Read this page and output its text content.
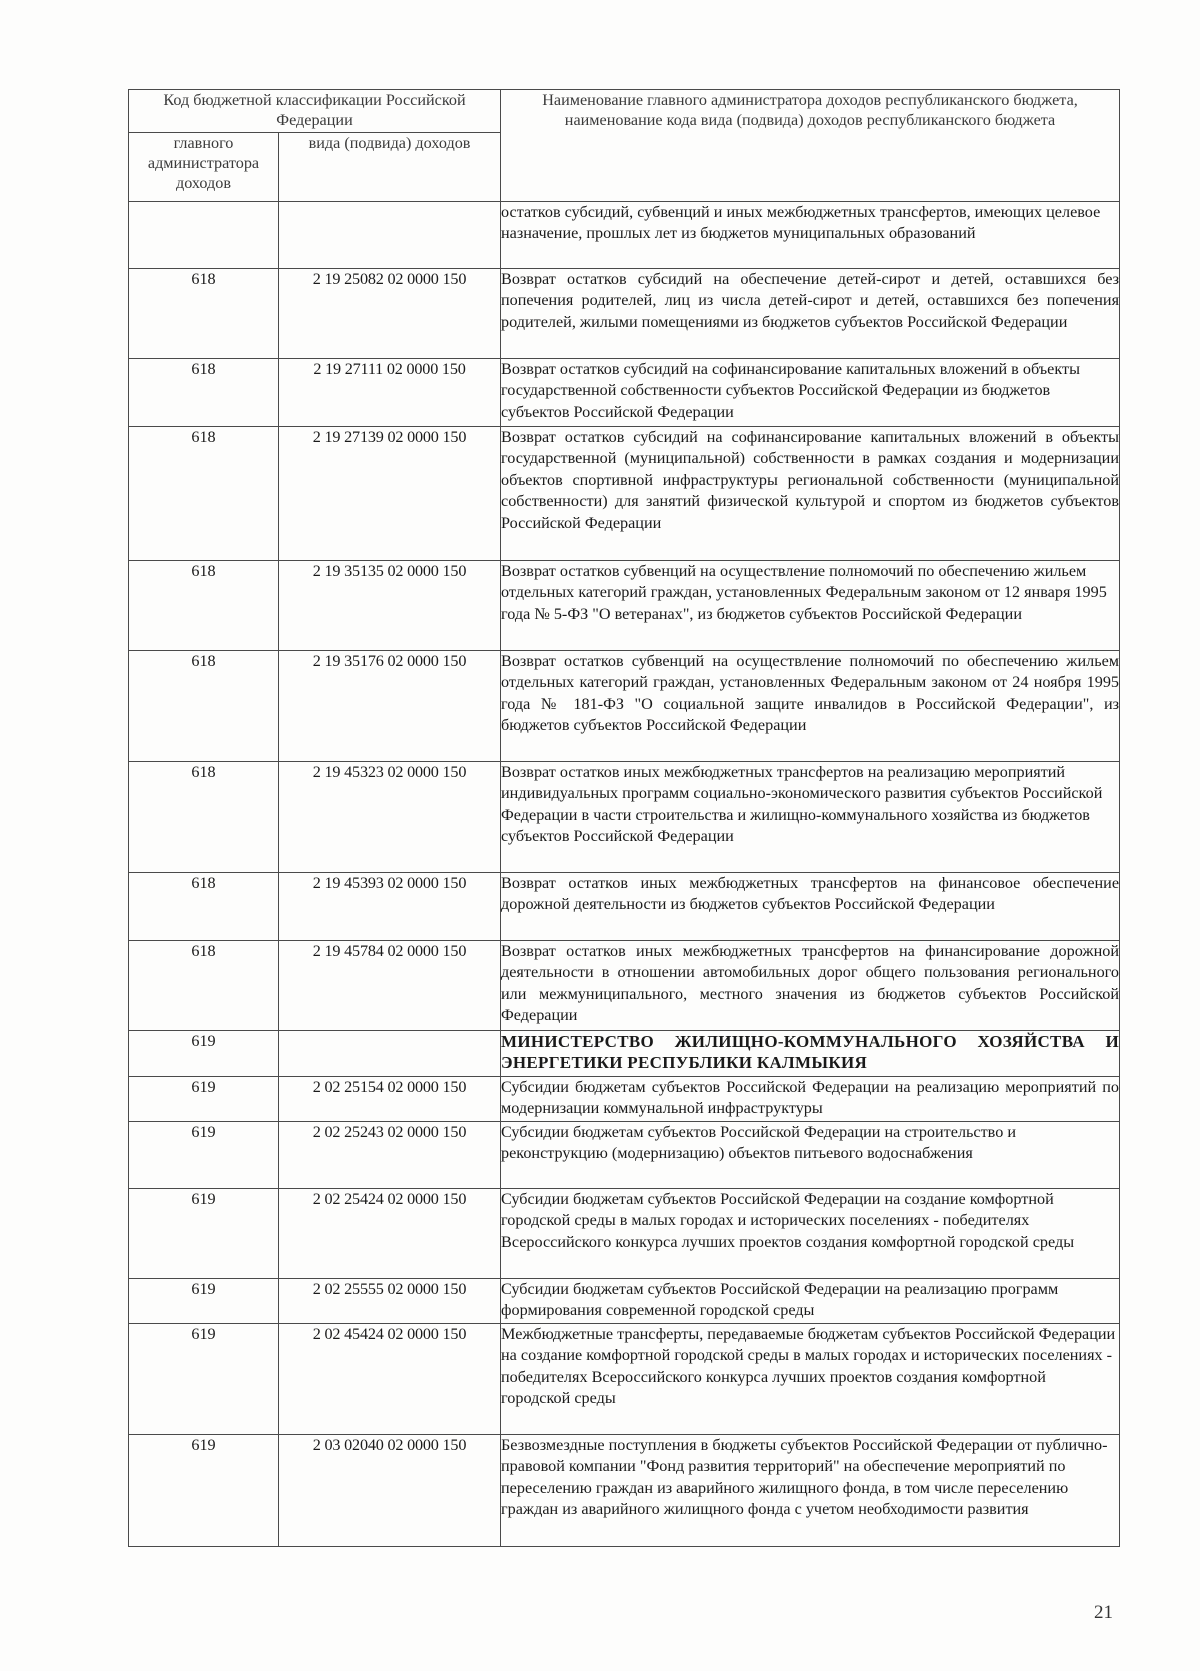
Код бюджетной классификации Российской Федерации		Наименование главного администратора доходов республиканского бюджета, наименование кода вида (подвида) доходов республиканского бюджета
главного администратора доходов	вида (подвида) доходов	
		остатков субсидий, субвенций и иных межбюджетных трансфертов, имеющих целевое назначение, прошлых лет из бюджетов муниципальных образований
618	2 19 25082 02 0000 150	Возврат остатков субсидий на обеспечение детей-сирот и детей, оставшихся без попечения родителей, лиц из числа детей-сирот и детей, оставшихся без попечения родителей, жилыми помещениями из бюджетов субъектов Российской Федерации
618	2 19 27111 02 0000 150	Возврат остатков субсидий на софинансирование капитальных вложений в объекты государственной собственности субъектов Российской Федерации из бюджетов субъектов Российской Федерации
618	2 19 27139 02 0000 150	Возврат остатков субсидий на софинансирование капитальных вложений в объекты государственной (муниципальной) собственности в рамках создания и модернизации объектов спортивной инфраструктуры региональной собственности (муниципальной собственности) для занятий физической культурой и спортом из бюджетов субъектов Российской Федерации
618	2 19 35135 02 0000 150	Возврат остатков субвенций на осуществление полномочий по обеспечению жильем отдельных категорий граждан, установленных Федеральным законом от 12 января 1995 года № 5-ФЗ "О ветеранах", из бюджетов субъектов Российской Федерации
618	2 19 35176 02 0000 150	Возврат остатков субвенций на осуществление полномочий по обеспечению жильем отдельных категорий граждан, установленных Федеральным законом от 24 ноября 1995 года № 181-ФЗ "О социальной защите инвалидов в Российской Федерации", из бюджетов субъектов Российской Федерации
618	2 19 45323 02 0000 150	Возврат остатков иных межбюджетных трансфертов на реализацию мероприятий индивидуальных программ социально-экономического развития субъектов Российской Федерации в части строительства и жилищно-коммунального хозяйства из бюджетов субъектов Российской Федерации
618	2 19 45393 02 0000 150	Возврат остатков иных межбюджетных трансфертов на финансовое обеспечение дорожной деятельности из бюджетов субъектов Российской Федерации
618	2 19 45784 02 0000 150	Возврат остатков иных межбюджетных трансфертов на финансирование дорожной деятельности в отношении автомобильных дорог общего пользования регионального или межмуниципального, местного значения из бюджетов субъектов Российской Федерации
619		МИНИСТЕРСТВО ЖИЛИЩНО-КОММУНАЛЬНОГО ХОЗЯЙСТВА И ЭНЕРГЕТИКИ РЕСПУБЛИКИ КАЛМЫКИЯ
619	2 02 25154 02 0000 150	Субсидии бюджетам субъектов Российской Федерации на реализацию мероприятий по модернизации коммунальной инфраструктуры
619	2 02 25243 02 0000 150	Субсидии бюджетам субъектов Российской Федерации на строительство и реконструкцию (модернизацию) объектов питьевого водоснабжения
619	2 02 25424 02 0000 150	Субсидии бюджетам субъектов Российской Федерации на создание комфортной городской среды в малых городах и исторических поселениях - победителях Всероссийского конкурса лучших проектов создания комфортной городской среды
619	2 02 25555 02 0000 150	Субсидии бюджетам субъектов Российской Федерации на реализацию программ формирования современной городской среды
619	2 02 45424 02 0000 150	Межбюджетные трансферты, передаваемые бюджетам субъектов Российской Федерации на создание комфортной городской среды в малых городах и исторических поселениях - победителях Всероссийского конкурса лучших проектов создания комфортной городской среды
619	2 03 02040 02 0000 150	Безвозмездные поступления в бюджеты субъектов Российской Федерации от публично-правовой компании "Фонд развития территорий" на обеспечение мероприятий по переселению граждан из аварийного жилищного фонда, в том числе переселению граждан из аварийного жилищного фонда с учетом необходимости развития
21
